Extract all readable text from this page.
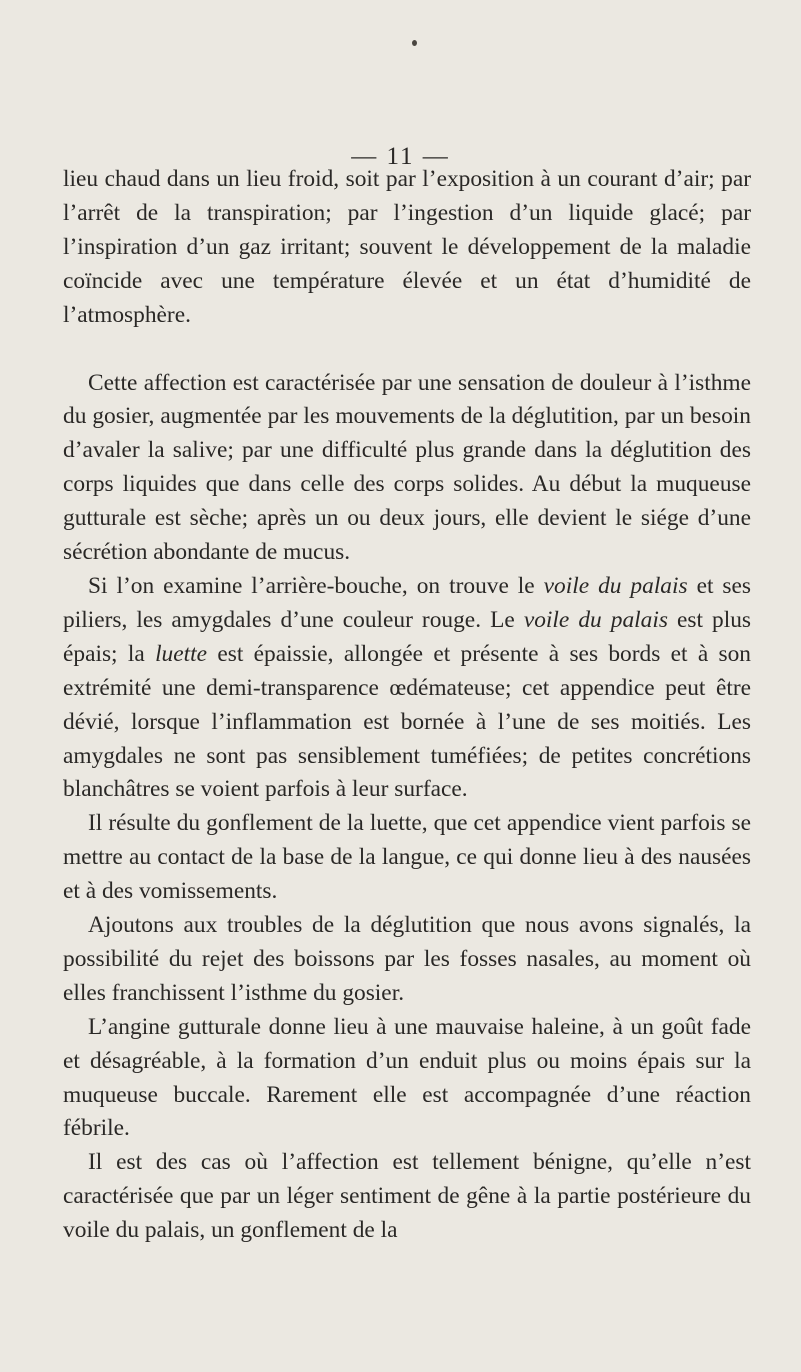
— 11 —

lieu chaud dans un lieu froid, soit par l’exposition à un courant d’air; par l’arrêt de la transpiration; par l’ingestion d’un liquide glacé; par l’inspiration d’un gaz irritant; souvent le développement de la maladie coïncide avec une température élevée et un état d’humidité de l’atmosphère.

Cette affection est caractérisée par une sensation de douleur à l’isthme du gosier, augmentée par les mouvements de la déglutition, par un besoin d’avaler la salive; par une difficulté plus grande dans la déglutition des corps liquides que dans celle des corps solides. Au début la muqueuse gutturale est sèche; après un ou deux jours, elle devient le siége d’une sécrétion abondante de mucus.

Si l’on examine l’arrière-bouche, on trouve le voile du palais et ses piliers, les amygdales d’une couleur rouge. Le voile du palais est plus épais; la luette est épaissie, allongée et présente à ses bords et à son extrémité une demi-transparence œdémateuse; cet appendice peut être dévié, lorsque l’inflammation est bornée à l’une de ses moitiés. Les amygdales ne sont pas sensiblement tuméfiées; de petites concrétions blanchâtres se voient parfois à leur surface.

Il résulte du gonflement de la luette, que cet appendice vient parfois se mettre au contact de la base de la langue, ce qui donne lieu à des nausées et à des vomissements.

Ajoutons aux troubles de la déglutition que nous avons signalés, la possibilité du rejet des boissons par les fosses nasales, au moment où elles franchissent l’isthme du gosier.

L’angine gutturale donne lieu à une mauvaise haleine, à un goût fade et désagréable, à la formation d’un enduit plus ou moins épais sur la muqueuse buccale. Rarement elle est accompagnée d’une réaction fébrile.

Il est des cas où l’affection est tellement bénigne, qu’elle n’est caractérisée que par un léger sentiment de gêne à la partie postérieure du voile du palais, un gonflement de la
